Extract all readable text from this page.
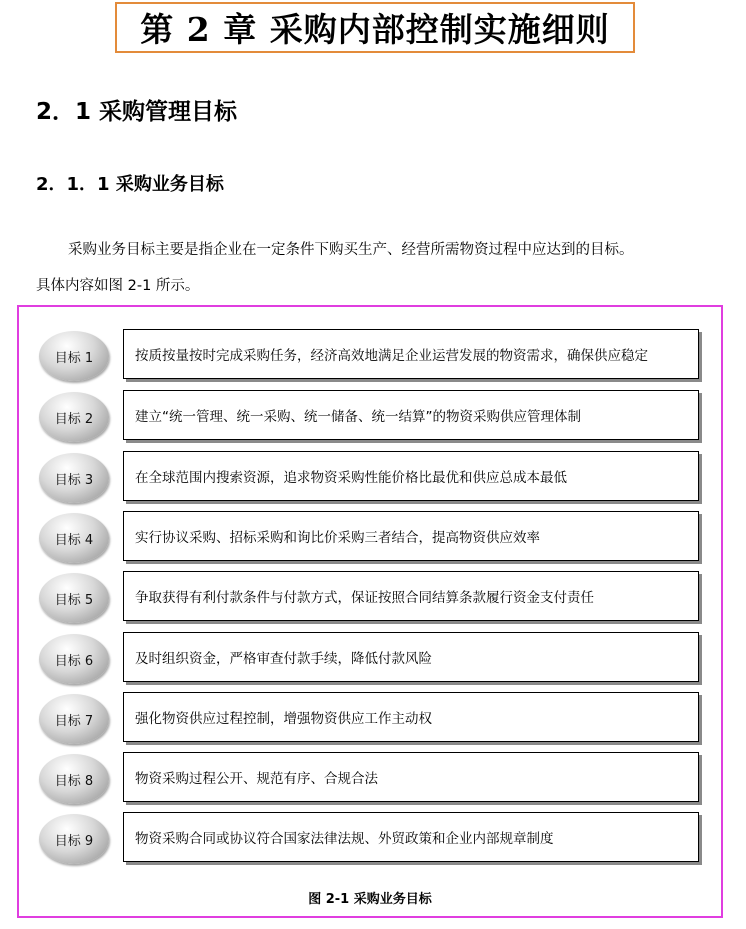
第 2 章 采购内部控制实施细则
2．1 采购管理目标
2．1．1 采购业务目标
采购业务目标主要是指企业在一定条件下购买生产、经营所需物资过程中应达到的目标。
具体内容如图 2-1 所示。
目标 1	按质按量按时完成采购任务，经济高效地满足企业运营发展的物资需求，确保供应稳定
目标 2	建立“统一管理、统一采购、统一储备、统一结算”的物资采购供应管理体制
目标 3	在全球范围内搜索资源，追求物资采购性能价格比最优和供应总成本最低
目标 4	实行协议采购、招标采购和询比价采购三者结合，提高物资供应效率
目标 5	争取获得有利付款条件与付款方式，保证按照合同结算条款履行资金支付责任
目标 6	及时组织资金，严格审查付款手续，降低付款风险
目标 7	强化物资供应过程控制，增强物资供应工作主动权
目标 8	物资采购过程公开、规范有序、合规合法
目标 9	物资采购合同或协议符合国家法律法规、外贸政策和企业内部规章制度
图 2-1 采购业务目标
